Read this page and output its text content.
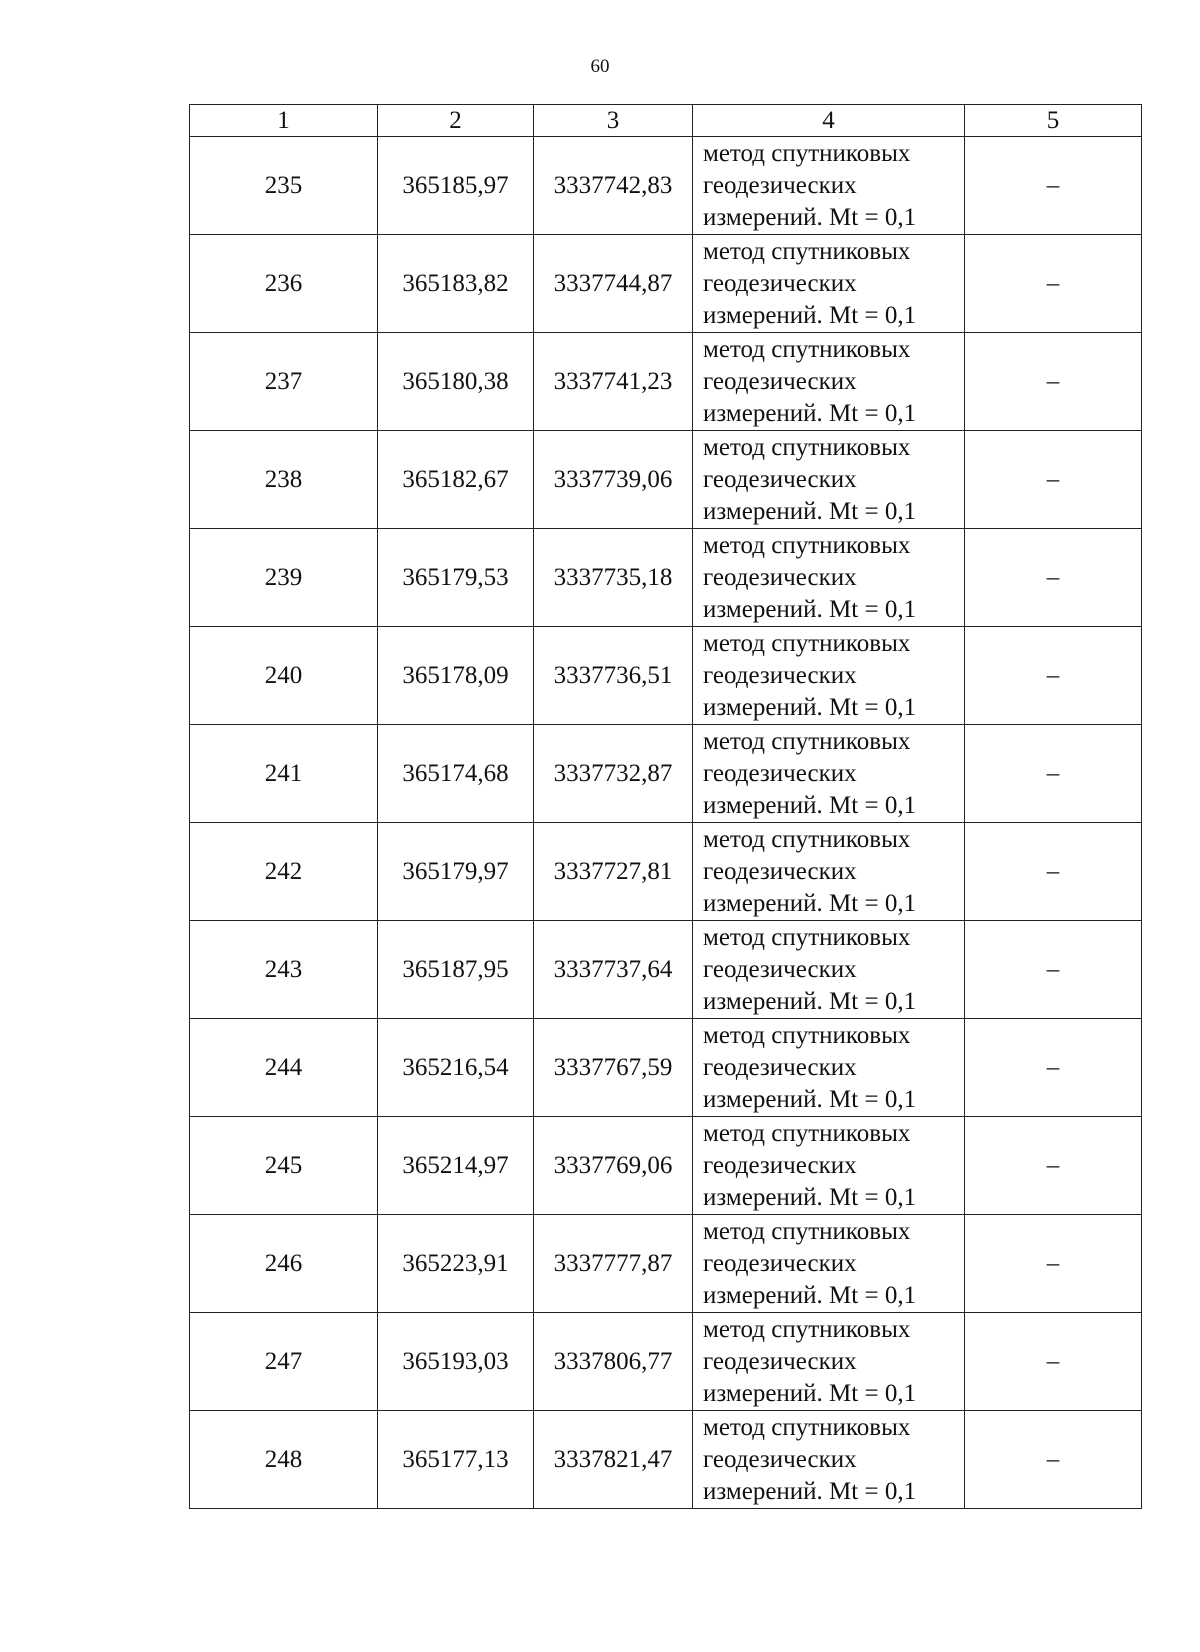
60
1	2	3	4	5
235	365185,97	3337742,83	метод спутниковых
геодезических
измерений. Mt = 0,1	–
236	365183,82	3337744,87	метод спутниковых
геодезических
измерений. Mt = 0,1	–
237	365180,38	3337741,23	метод спутниковых
геодезических
измерений. Mt = 0,1	–
238	365182,67	3337739,06	метод спутниковых
геодезических
измерений. Mt = 0,1	–
239	365179,53	3337735,18	метод спутниковых
геодезических
измерений. Mt = 0,1	–
240	365178,09	3337736,51	метод спутниковых
геодезических
измерений. Mt = 0,1	–
241	365174,68	3337732,87	метод спутниковых
геодезических
измерений. Mt = 0,1	–
242	365179,97	3337727,81	метод спутниковых
геодезических
измерений. Mt = 0,1	–
243	365187,95	3337737,64	метод спутниковых
геодезических
измерений. Mt = 0,1	–
244	365216,54	3337767,59	метод спутниковых
геодезических
измерений. Mt = 0,1	–
245	365214,97	3337769,06	метод спутниковых
геодезических
измерений. Mt = 0,1	–
246	365223,91	3337777,87	метод спутниковых
геодезических
измерений. Mt = 0,1	–
247	365193,03	3337806,77	метод спутниковых
геодезических
измерений. Mt = 0,1	–
248	365177,13	3337821,47	метод спутниковых
геодезических
измерений. Mt = 0,1	–
